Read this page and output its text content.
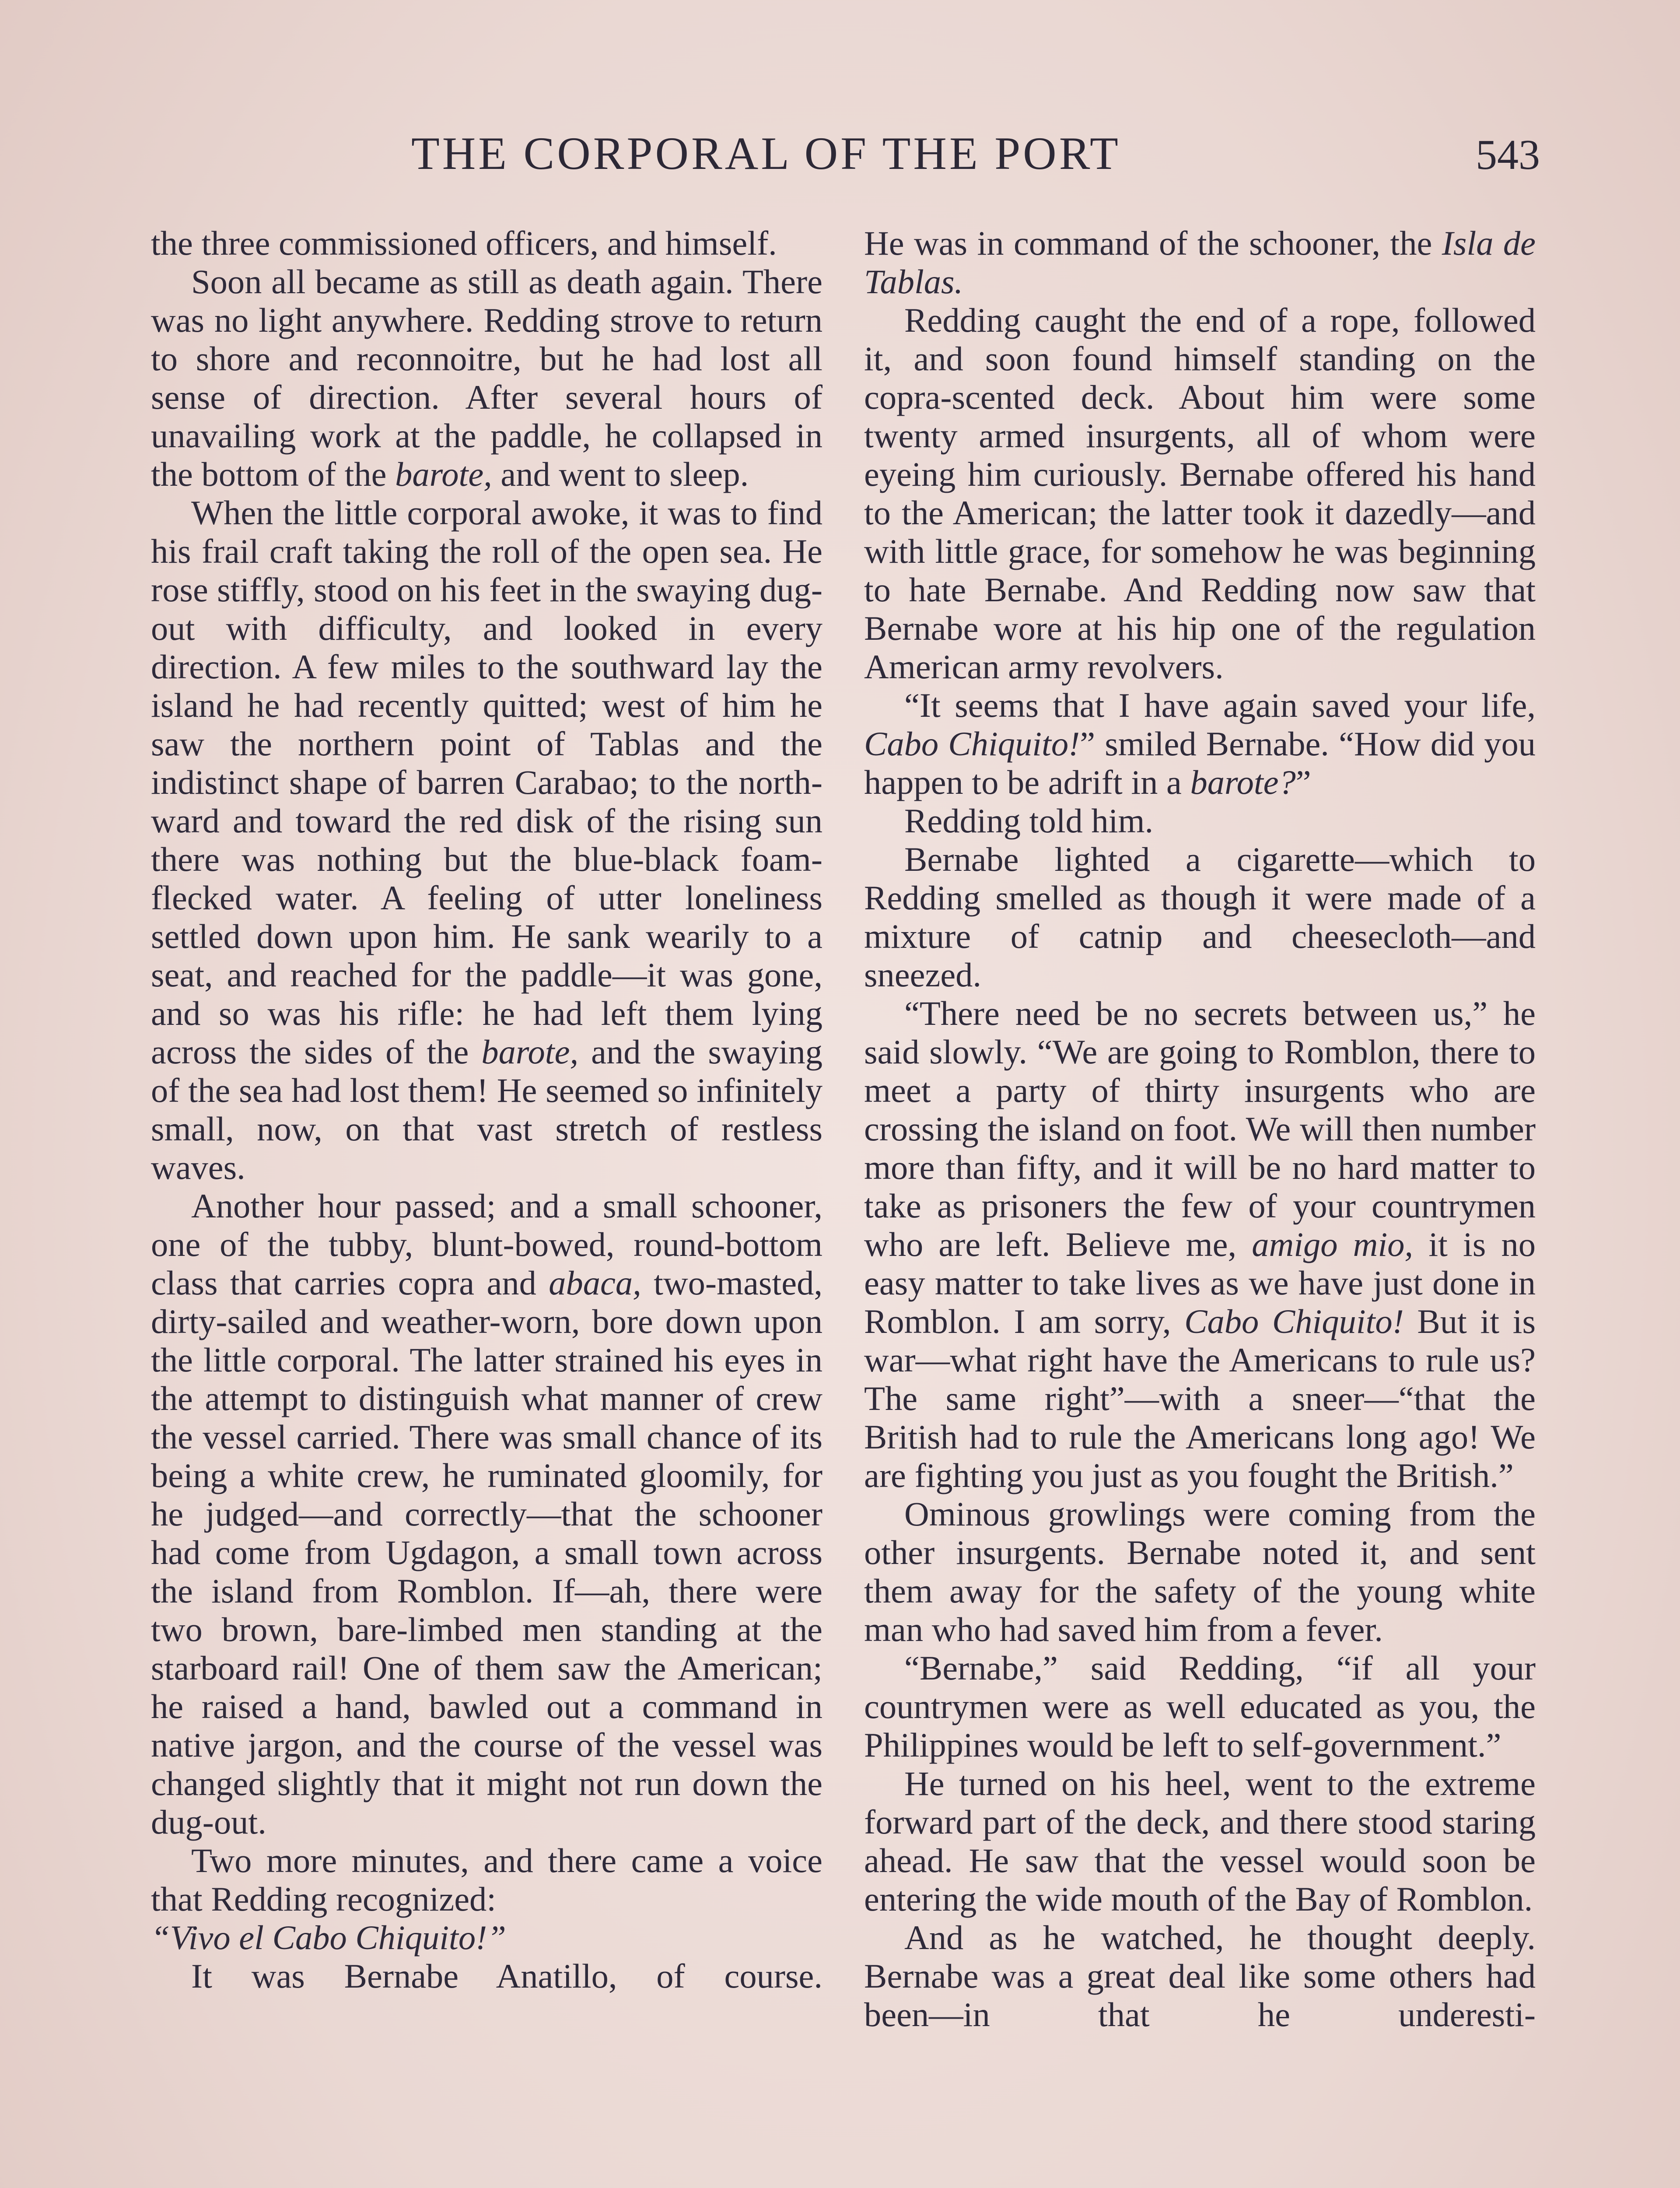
THE CORPORAL OF THE PORT	543

the three commissioned officers, and himself.

Soon all became as still as death again. There was no light anywhere. Redding strove to return to shore and reconnoitre, but he had lost all sense of direction. After several hours of unavailing work at the paddle, he collapsed in the bottom of the barote, and went to sleep.

When the little corporal awoke, it was to find his frail craft taking the roll of the open sea. He rose stiffly, stood on his feet in the swaying dugout with difficulty, and looked in every direction. A few miles to the southward lay the island he had recently quitted; west of him he saw the northern point of Tablas and the indistinct shape of barren Carabao; to the northward and toward the red disk of the rising sun there was nothing but the blue-black foam-flecked water. A feeling of utter loneliness settled down upon him. He sank wearily to a seat, and reached for the paddle—it was gone, and so was his rifle: he had left them lying across the sides of the barote, and the swaying of the sea had lost them! He seemed so infinitely small, now, on that vast stretch of restless waves.

Another hour passed; and a small schooner, one of the tubby, blunt-bowed, round-bottom class that carries copra and abaca, two-masted, dirty-sailed and weather-worn, bore down upon the little corporal. The latter strained his eyes in the attempt to distinguish what manner of crew the vessel carried. There was small chance of its being a white crew, he ruminated gloomily, for he judged—and correctly—that the schooner had come from Ugdagon, a small town across the island from Romblon. If—ah, there were two brown, bare-limbed men standing at the starboard rail! One of them saw the American; he raised a hand, bawled out a command in native jargon, and the course of the vessel was changed slightly that it might not run down the dug-out.

Two more minutes, and there came a voice that Redding recognized:

“Vivo el Cabo Chiquito!”

It was Bernabe Anatillo, of course.

He was in command of the schooner, the Isla de Tablas.

Redding caught the end of a rope, followed it, and soon found himself standing on the copra-scented deck. About him were some twenty armed insurgents, all of whom were eyeing him curiously. Bernabe offered his hand to the American; the latter took it dazedly—and with little grace, for somehow he was beginning to hate Bernabe. And Redding now saw that Bernabe wore at his hip one of the regulation American army revolvers.

“It seems that I have again saved your life, Cabo Chiquito!” smiled Bernabe. “How did you happen to be adrift in a barote?”

Redding told him.

Bernabe lighted a cigarette—which to Redding smelled as though it were made of a mixture of catnip and cheesecloth—and sneezed.

“There need be no secrets between us,” he said slowly. “We are going to Romblon, there to meet a party of thirty insurgents who are crossing the island on foot. We will then number more than fifty, and it will be no hard matter to take as prisoners the few of your countrymen who are left. Believe me, amigo mio, it is no easy matter to take lives as we have just done in Romblon. I am sorry, Cabo Chiquito! But it is war—what right have the Americans to rule us? The same right”—with a sneer—“that the British had to rule the Americans long ago! We are fighting you just as you fought the British.”

Ominous growlings were coming from the other insurgents. Bernabe noted it, and sent them away for the safety of the young white man who had saved him from a fever.

“Bernabe,” said Redding, “if all your countrymen were as well educated as you, the Philippines would be left to self-government.”

He turned on his heel, went to the extreme forward part of the deck, and there stood staring ahead. He saw that the vessel would soon be entering the wide mouth of the Bay of Romblon.

And as he watched, he thought deeply. Bernabe was a great deal like some others had been—in that he underesti-
